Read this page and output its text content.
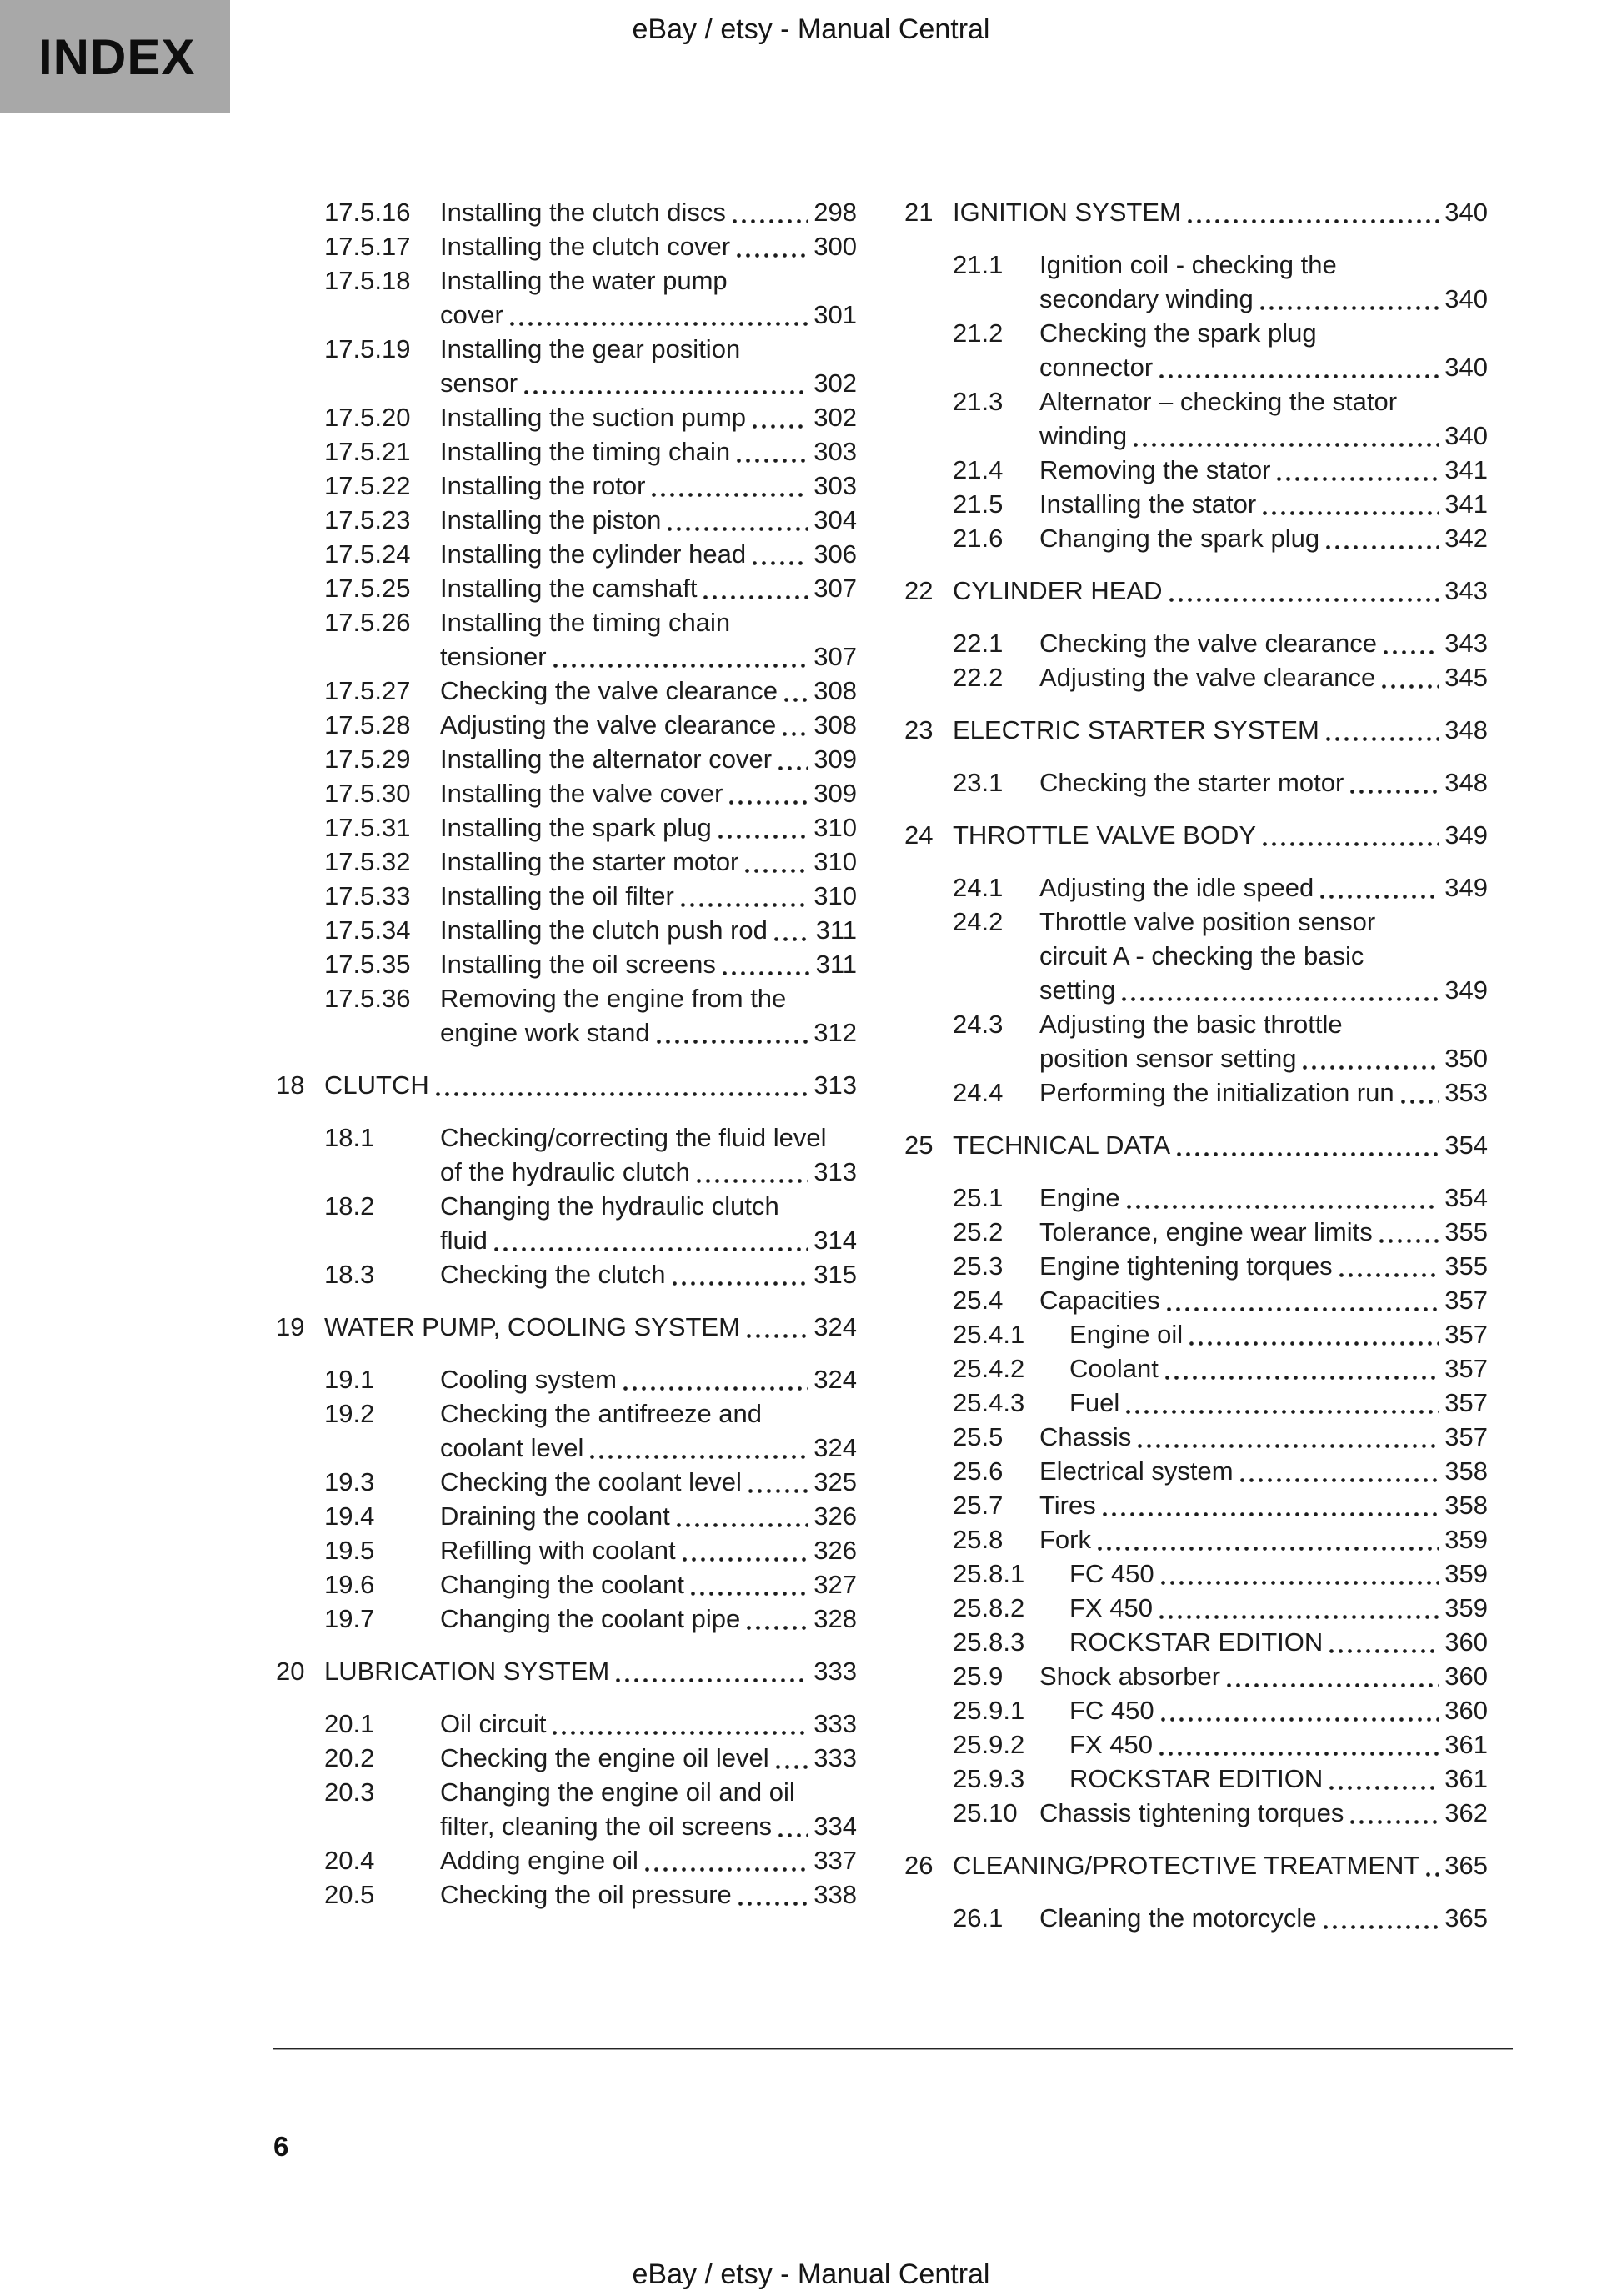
INDEX	eBay / etsy - Manual Central
17.5.16	Installing the clutch discs	298
17.5.17	Installing the clutch cover	300
17.5.18	Installing the water pump
cover	301
17.5.19	Installing the gear position
sensor	302
17.5.20	Installing the suction pump	302
17.5.21	Installing the timing chain	303
17.5.22	Installing the rotor	303
17.5.23	Installing the piston	304
17.5.24	Installing the cylinder head	306
17.5.25	Installing the camshaft	307
17.5.26	Installing the timing chain
tensioner	307
17.5.27	Checking the valve clearance 308
17.5.28	Adjusting the valve clearance 308
17.5.29	Installing the alternator cover 309
17.5.30	Installing the valve cover	309
17.5.31	Installing the spark plug	310
17.5.32	Installing the starter motor	310
17.5.33	Installing the oil filter	310
17.5.34	Installing the clutch push rod 311
17.5.35	Installing the oil screens	311
17.5.36	Removing the engine from the
engine work stand	312
18 CLUTCH	313
18.1	Checking/correcting the fluid level
of the hydraulic clutch	313
18.2	Changing the hydraulic clutch
fluid	314
18.3	Checking the clutch	315
19 WATER PUMP, COOLING SYSTEM	324
19.1	Cooling system	324
19.2	Checking the antifreeze and
coolant level	324
19.3	Checking the coolant level	325
19.4	Draining the coolant	326
19.5	Refilling with coolant	326
19.6	Changing the coolant	327
19.7	Changing the coolant pipe	328
20 LUBRICATION SYSTEM	333
20.1	Oil circuit	333
20.2	Checking the engine oil level 333
20.3	Changing the engine oil and oil
filter, cleaning the oil screens 334
20.4	Adding engine oil	337
20.5	Checking the oil pressure	338
21 IGNITION SYSTEM	340
21.1	Ignition coil - checking the
secondary winding	340
21.2	Checking the spark plug
connector	340
21.3	Alternator – checking the stator
winding	340
21.4	Removing the stator	341
21.5	Installing the stator	341
21.6	Changing the spark plug	342
22 CYLINDER HEAD	343
22.1	Checking the valve clearance	343
22.2	Adjusting the valve clearance	345
23 ELECTRIC STARTER SYSTEM	348
23.1	Checking the starter motor	348
24 THROTTLE VALVE BODY	349
24.1	Adjusting the idle speed	349
24.2	Throttle valve position sensor
circuit A - checking the basic
setting	349
24.3	Adjusting the basic throttle
position sensor setting	350
24.4	Performing the initialization run 353
25 TECHNICAL DATA	354
25.1	Engine	354
25.2	Tolerance, engine wear limits	355
25.3	Engine tightening torques	355
25.4	Capacities	357
25.4.1	Engine oil	357
25.4.2	Coolant	357
25.4.3	Fuel	357
25.5	Chassis	357
25.6	Electrical system	358
25.7	Tires	358
25.8	Fork	359
25.8.1	FC 450	359
25.8.2	FX 450	359
25.8.3	ROCKSTAR EDITION	360
25.9	Shock absorber	360
25.9.1	FC 450	360
25.9.2	FX 450	361
25.9.3	ROCKSTAR EDITION	361
25.10 Chassis tightening torques	362
26 CLEANING/PROTECTIVE TREATMENT 365
26.1	Cleaning the motorcycle	365
6
eBay / etsy - Manual Central
